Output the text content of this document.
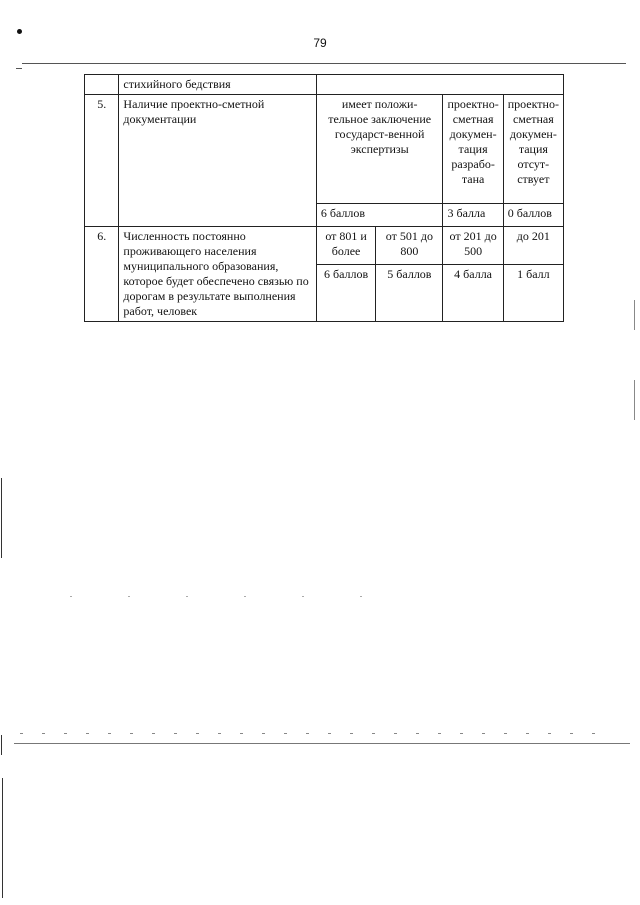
79
	стихийного бедствия				
5.	Наличие проектно-сметной документации	имеет положи-тельное заключение государст-венной экспертизы		проектно-сметная докумен-тация разрабо-тана	проектно-сметная докумен-тация отсут-ствует
		6 баллов		3 балла	0 баллов
6.	Численность постоянно проживающего населения муниципального образования, которое будет обеспечено связью по дорогам в результате выполнения работ, человек	от 801 и более	от 501 до 800	от 201 до 500	до 201
		6 баллов	5 баллов	4 балла	1 балл
